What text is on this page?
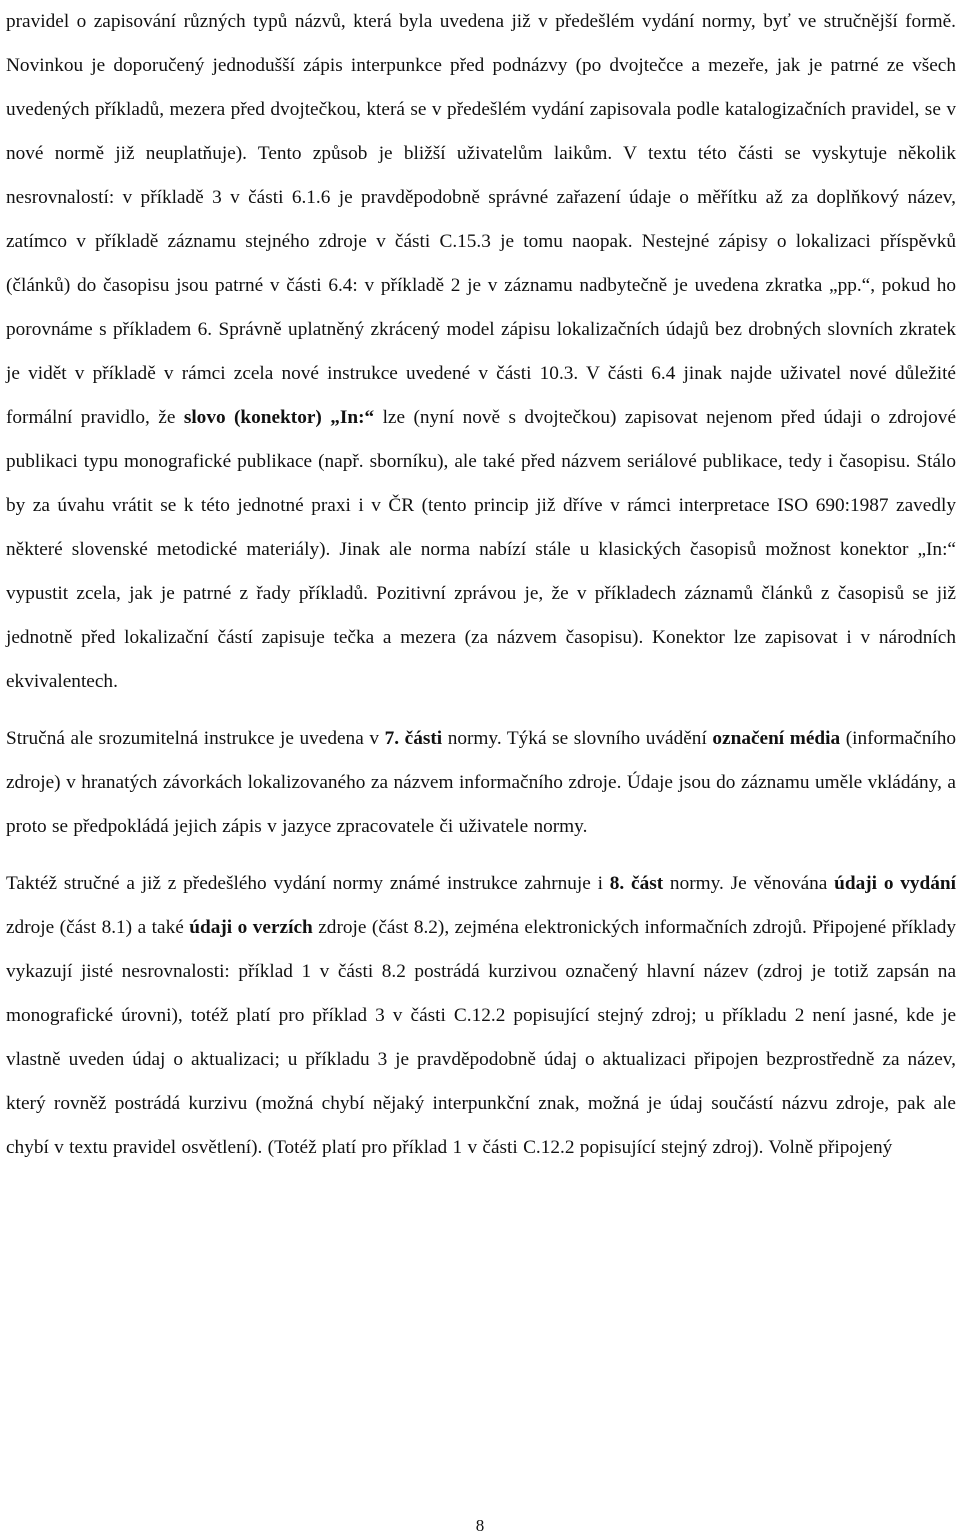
pravidel o zapisování různých typů názvů, která byla uvedena již v předešlém vydání normy, byť ve stručnější formě. Novinkou je doporučený jednodušší zápis interpunkce před podnázvy (po dvojtečce a mezeře, jak je patrné ze všech uvedených příkladů, mezera před dvojtečkou, která se v předešlém vydání zapisovala podle katalogizačních pravidel, se v nové normě již neuplatňuje). Tento způsob je bližší uživatelům laikům. V textu této části se vyskytuje několik nesrovnalostí: v příkladě 3 v části 6.1.6 je pravděpodobně správné zařazení údaje o měřítku až za doplňkový název, zatímco v příkladě záznamu stejného zdroje v části C.15.3 je tomu naopak. Nestejné zápisy o lokalizaci příspěvků (článků) do časopisu jsou patrné v části 6.4: v příkladě 2 je v záznamu nadbytečně je uvedena zkratka „pp.“, pokud ho porovnáme s příkladem 6. Správně uplatněný zkrácený model zápisu lokalizačních údajů bez drobných slovních zkratek je vidět v příkladě v rámci zcela nové instrukce uvedené v části 10.3. V části 6.4 jinak najde uživatel nové důležité formální pravidlo, že slovo (konektor) „In:“ lze (nyní nově s dvojtečkou) zapisovat nejenom před údaji o zdrojové publikaci typu monografické publikace (např. sborníku), ale také před názvem seriálové publikace, tedy i časopisu. Stálo by za úvahu vrátit se k této jednotné praxi i v ČR (tento princip již dříve v rámci interpretace ISO 690:1987 zavedly některé slovenské metodické materiály). Jinak ale norma nabízí stále u klasických časopisů možnost konektor „In:“ vypustit zcela, jak je patrné z řady příkladů. Pozitivní zprávou je, že v příkladech záznamů článků z časopisů se již jednotně před lokalizační částí zapisuje tečka a mezera (za názvem časopisu). Konektor lze zapisovat i v národních ekvivalentech.

Stručná ale srozumitelná instrukce je uvedena v 7. části normy. Týká se slovního uvádění označení média (informačního zdroje) v hranatých závorkách lokalizovaného za názvem informačního zdroje. Údaje jsou do záznamu uměle vkládány, a proto se předpokládá jejich zápis v jazyce zpracovatele či uživatele normy.

Taktéž stručné a již z předešlého vydání normy známé instrukce zahrnuje i 8. část normy. Je věnována údaji o vydání zdroje (část 8.1) a také údaji o verzích zdroje (část 8.2), zejména elektronických informačních zdrojů. Připojené příklady vykazují jisté nesrovnalosti: příklad 1 v části 8.2 postrádá kurzivou označený hlavní název (zdroj je totiž zapsán na monografické úrovni), totéž platí pro příklad 3 v části C.12.2 popisující stejný zdroj; u příkladu 2 není jasné, kde je vlastně uveden údaj o aktualizaci; u příkladu 3 je pravděpodobně údaj o aktualizaci připojen bezprostředně za název, který rovněž postrádá kurzivu (možná chybí nějaký interpunkční znak, možná je údaj součástí názvu zdroje, pak ale chybí v textu pravidel osvětlení). (Totéž platí pro příklad 1 v části C.12.2 popisující stejný zdroj). Volně připojený

8
